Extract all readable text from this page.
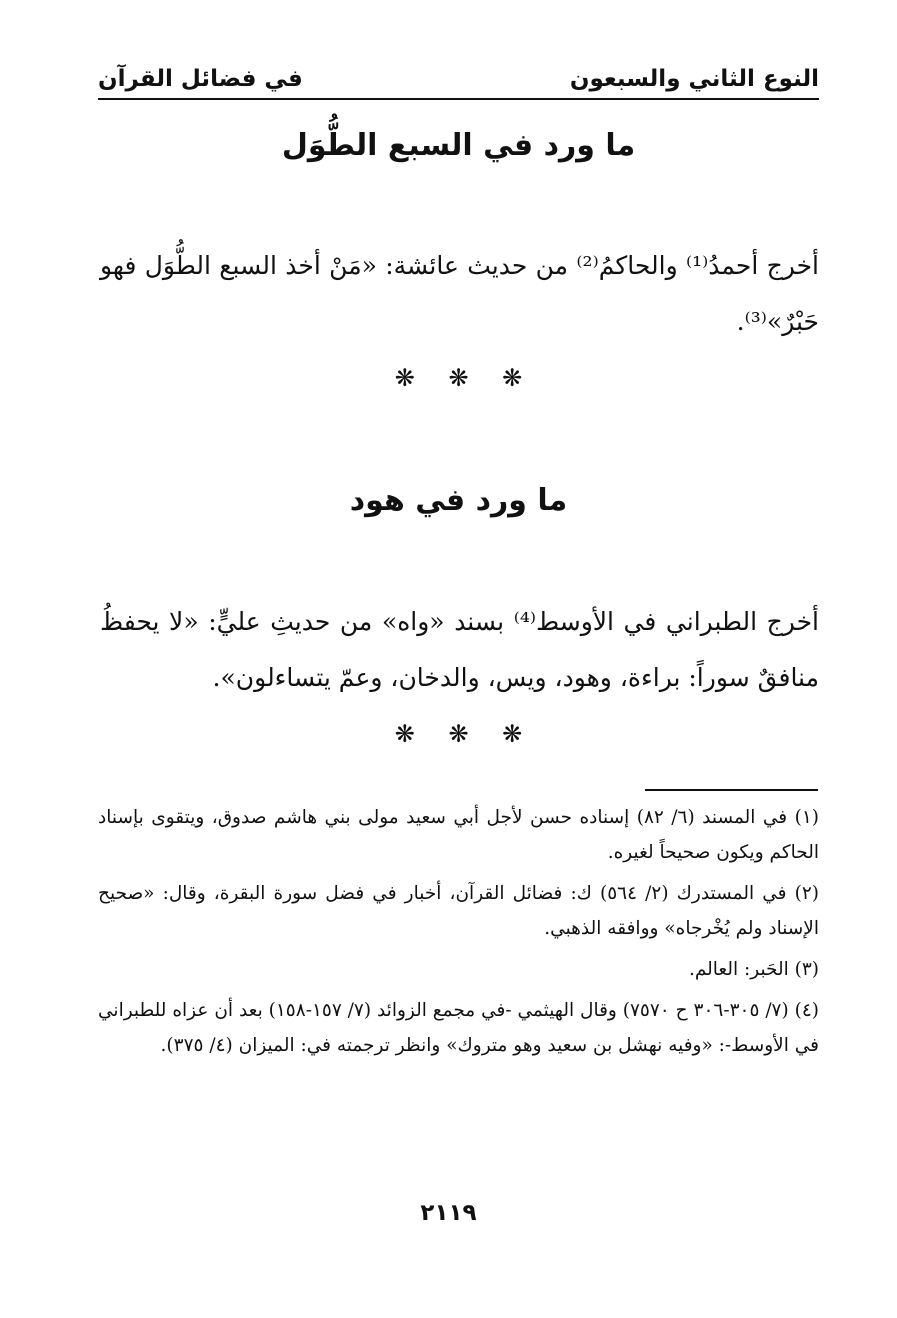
النوع الثاني والسبعون
في فضائل القرآن
ما ورد في السبع الطُّوَل
أخرج أحمدُ⁽¹⁾ والحاكمُ⁽²⁾ من حديث عائشة: «مَنْ أخذ السبع الطُّوَل فهو حَبْرٌ»⁽³⁾.
❋ ❋ ❋
ما ورد في هود
أخرج الطبراني في الأوسط⁽⁴⁾ بسند «واه» من حديثِ عليٍّ: «لا يحفظُ منافقٌ سوراً: براءة، وهود، ويس، والدخان، وعمّ يتساءلون».
❋ ❋ ❋

(١) في المسند (٦/ ٨٢) إسناده حسن لأجل أبي سعيد مولى بني هاشم صدوق، ويتقوى بإسناد الحاكم ويكون صحيحاً لغيره.

(٢) في المستدرك (٢/ ٥٦٤) ك: فضائل القرآن، أخبار في فضل سورة البقرة، وقال: «صحيح الإسناد ولم يُخْرجاه» ووافقه الذهبي.

(٣) الحَبر: العالم.

(٤) (٧/ ٣٠٥-٣٠٦ ح ٧٥٧٠) وقال الهيثمي -في مجمع الزوائد (٧/ ١٥٧-١٥٨) بعد أن عزاه للطبراني في الأوسط-: «وفيه نهشل بن سعيد وهو متروك» وانظر ترجمته في: الميزان (٤/ ٣٧٥).

٢١١٩
